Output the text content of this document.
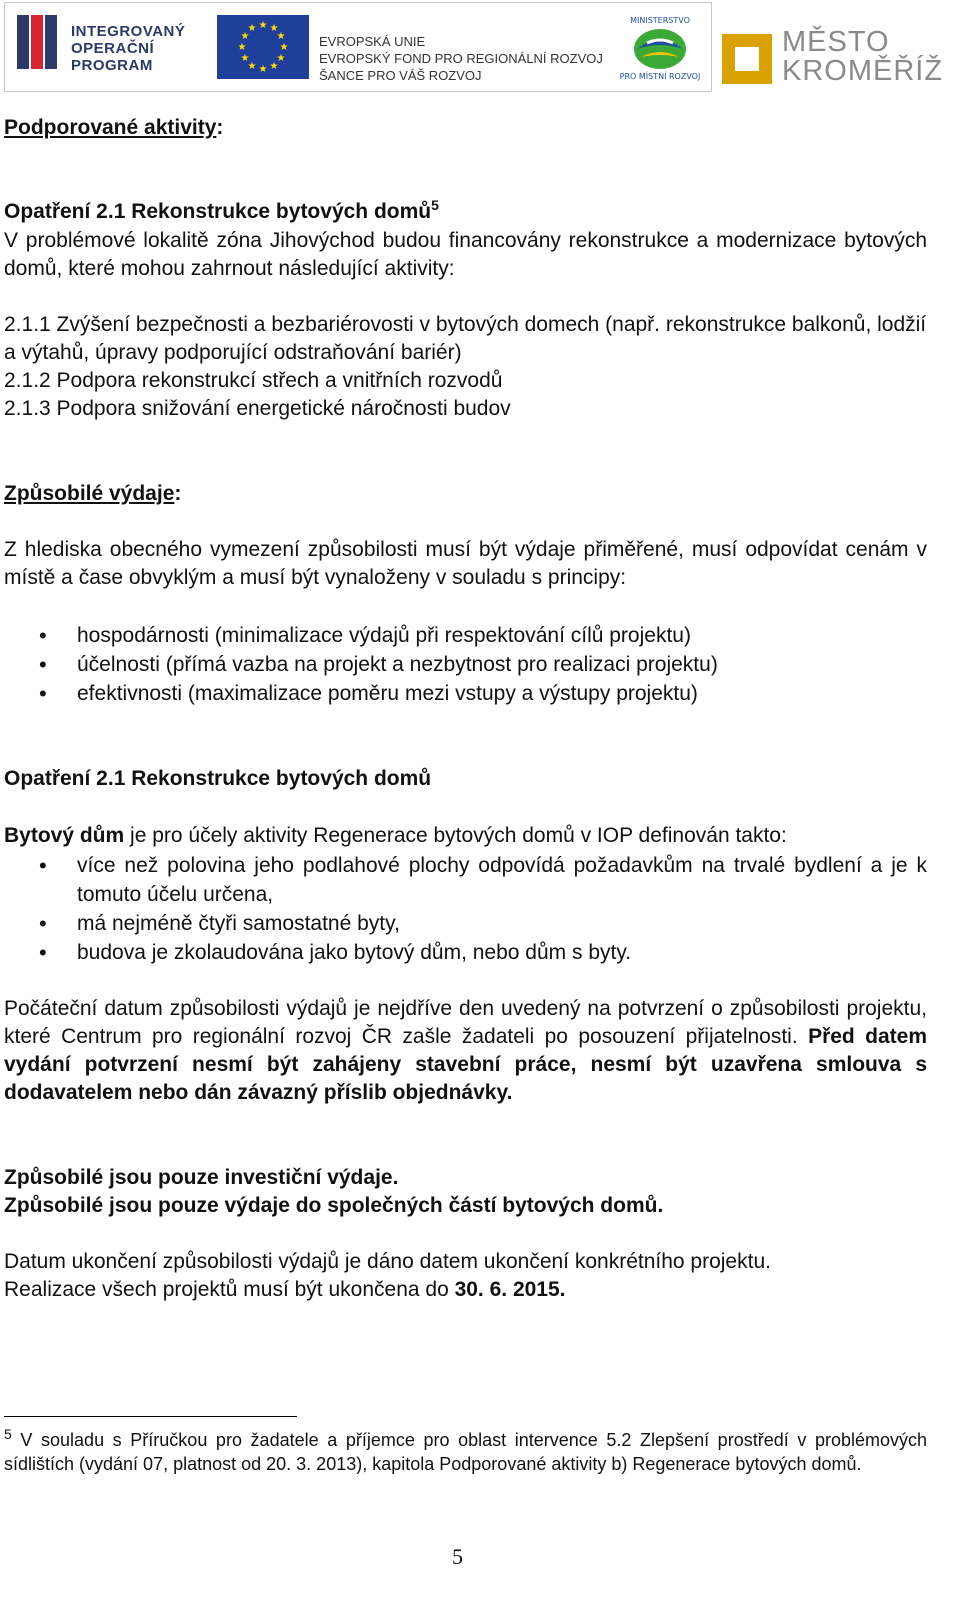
INTEGROVANÝ
OPERAČNÍ
PROGRAM
★ ★
★
★
★
★
★
★
★
★
★
★
EVROPSKÁ UNIE
EVROPSKÝ FOND PRO REGIONÁLNÍ ROZVOJ
ŠANCE PRO VÁŠ ROZVOJ
MINISTERSTVO
PRO MÍSTNÍ ROZVOJ
MĚSTO
KROMĚŘÍŽ
Podporované aktivity:
Opatření 2.1 Rekonstrukce bytových domů$^5$
V problémové lokalitě zóna Jihovýchod budou financovány rekonstrukce a modernizace bytových domů, které mohou zahrnout následující aktivity:
2.1.1 Zvýšení bezpečnosti a bezbariérovosti v bytových domech (např. rekonstrukce balkonů, lodžií a výtahů, úpravy podporující odstraňování bariér)
2.1.2 Podpora rekonstrukcí střech a vnitřních rozvodů
2.1.3 Podpora snižování energetické náročnosti budov
Způsobilé výdaje:
Z hlediska obecného vymezení způsobilosti musí být výdaje přiměřené, musí odpovídat cenám v místě a čase obvyklým a musí být vynaloženy v souladu s principy:
• hospodárnosti (minimalizace výdajů při respektování cílů projektu)
• účelnosti (přímá vazba na projekt a nezbytnost pro realizaci projektu)
• efektivnosti (maximalizace poměru mezi vstupy a výstupy projektu)
Opatření 2.1 Rekonstrukce bytových domů
Bytový dům je pro účely aktivity Regenerace bytových domů v IOP definován takto:
• více než polovina jeho podlahové plochy odpovídá požadavkům na trvalé bydlení a je k tomuto účelu určena,
• má nejméně čtyři samostatné byty,
• budova je zkolaudována jako bytový dům, nebo dům s byty.
Počáteční datum způsobilosti výdajů je nejdříve den uvedený na potvrzení o způsobilosti projektu, které Centrum pro regionální rozvoj ČR zašle žadateli po posouzení přijatelnosti. Před datem vydání potvrzení nesmí být zahájeny stavební práce, nesmí být uzavřena smlouva s dodavatelem nebo dán závazný příslib objednávky.
Způsobilé jsou pouze investiční výdaje.
Způsobilé jsou pouze výdaje do společných částí bytových domů.
Datum ukončení způsobilosti výdajů je dáno datem ukončení konkrétního projektu.
Realizace všech projektů musí být ukončena do 30. 6. 2015.
$^5$ V souladu s Příručkou pro žadatele a příjemce pro oblast intervence 5.2 Zlepšení prostředí v problémových sídlištích (vydání 07, platnost od 20. 3. 2013), kapitola Podporované aktivity b) Regenerace bytových domů.
5
